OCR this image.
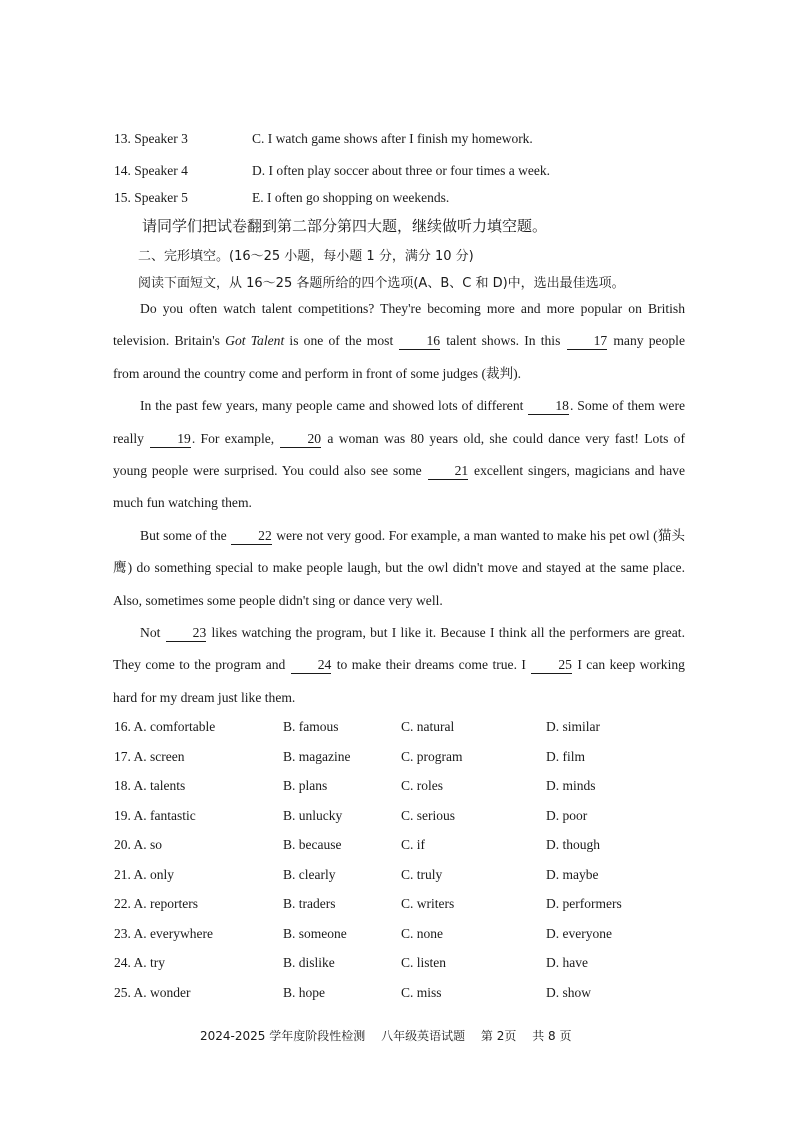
13. Speaker 3	C. I watch game shows after I finish my homework.
14. Speaker 4	D. I often play soccer about three or four times a week.
15. Speaker 5	E. I often go shopping on weekends.
请同学们把试卷翻到第二部分第四大题，继续做听力填空题。
二、完形填空。(16～25 小题，每小题 1 分，满分 10 分)
阅读下面短文，从 16～25 各题所给的四个选项(A、B、C 和 D)中，选出最佳选项。

Do you often watch talent competitions? They're becoming more and more popular on British television. Britain's Got Talent is one of the most 16 talent shows. In this 17 many people from around the country come and perform in front of some judges (裁判).

In the past few years, many people came and showed lots of different 18. Some of them were really 19. For example, 20 a woman was 80 years old, she could dance very fast! Lots of young people were surprised. You could also see some 21 excellent singers, magicians and have much fun watching them.

But some of the 22 were not very good. For example, a man wanted to make his pet owl (猫头鹰) do something special to make people laugh, but the owl didn't move and stayed at the same place. Also, sometimes some people didn't sing or dance very well.

Not 23 likes watching the program, but I like it. Because I think all the performers are great. They come to the program and 24 to make their dreams come true. I 25 I can keep working hard for my dream just like them.

16. A. comfortable	B. famous	C. natural	D. similar
17. A. screen	B. magazine	C. program	D. film
18. A. talents	B. plans	C. roles	D. minds
19. A. fantastic	B. unlucky	C. serious	D. poor
20. A. so	B. because	C. if	D. though
21. A. only	B. clearly	C. truly	D. maybe
22. A. reporters	B. traders	C. writers	D. performers
23. A. everywhere	B. someone	C. none	D. everyone
24. A. try	B. dislike	C. listen	D. have
25. A. wonder	B. hope	C. miss	D. show
2024-2025 学年度阶段性检测 八年级英语试题 第 2页 共 8 页
